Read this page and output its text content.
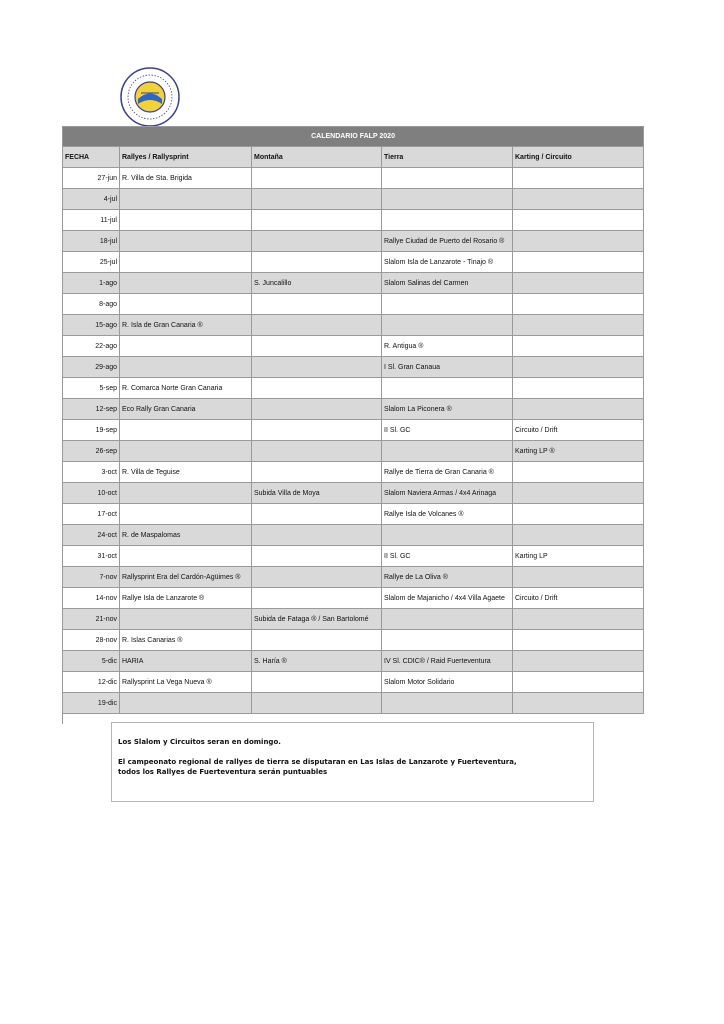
CALENDARIO FALP 2020				
FECHA	Rallyes / Rallysprint	Montaña	Tierra	Karting / Circuito
27-jun	R. Villa de Sta. Brigida			
4-jul				
11-jul				
18-jul			Rallye Ciudad de Puerto del Rosario ®	
25-jul			Slalom Isla de Lanzarote - Tinajo ®	
1-ago		S. Juncalillo	Slalom Salinas del Carmen	
8-ago				
15-ago	R. Isla de Gran Canaria ®			
22-ago			R. Antigua ®	
29-ago			I Sl. Gran Canaua	
5-sep	R. Comarca Norte Gran Canaria			
12-sep	Eco Rally Gran Canaria		Slalom La Piconera ®	
19-sep			II Sl. GC	Circuito / Drift
26-sep				Karting LP ®
3-oct	R. Villa de Teguise		Rallye de Tierra de Gran Canaria ®	
10-oct		Subida Villa de Moya	Slalom Naviera Armas / 4x4 Arinaga	
17-oct			Rallye Isla de Volcanes ®	
24-oct	R. de Maspalomas			
31-oct			II Sl. GC	Karting LP
7-nov	Rallysprint Era del Cardón-Agüimes ®		Rallye de La Oliva ®	
14-nov	Rallye Isla de Lanzarote ®		Slalom de Majanicho / 4x4 Villa Agaete	Circuito / Drift
21-nov		Subida de Fataga ® / San Bartolomé		
28-nov	R. Islas Canarias ®			
5-dic	HARIA	S. Haría ®	IV Sl. CDIC® / Raid Fuerteventura	
12-dic	Rallysprint La Vega Nueva ®		Slalom Motor Solidario	
19-dic				

Los Slalom y Circuitos seran en domingo.

El campeonato regional de rallyes de tierra se disputaran en Las Islas de Lanzarote y Fuerteventura,
todos los Rallyes de Fuerteventura serán puntuables
